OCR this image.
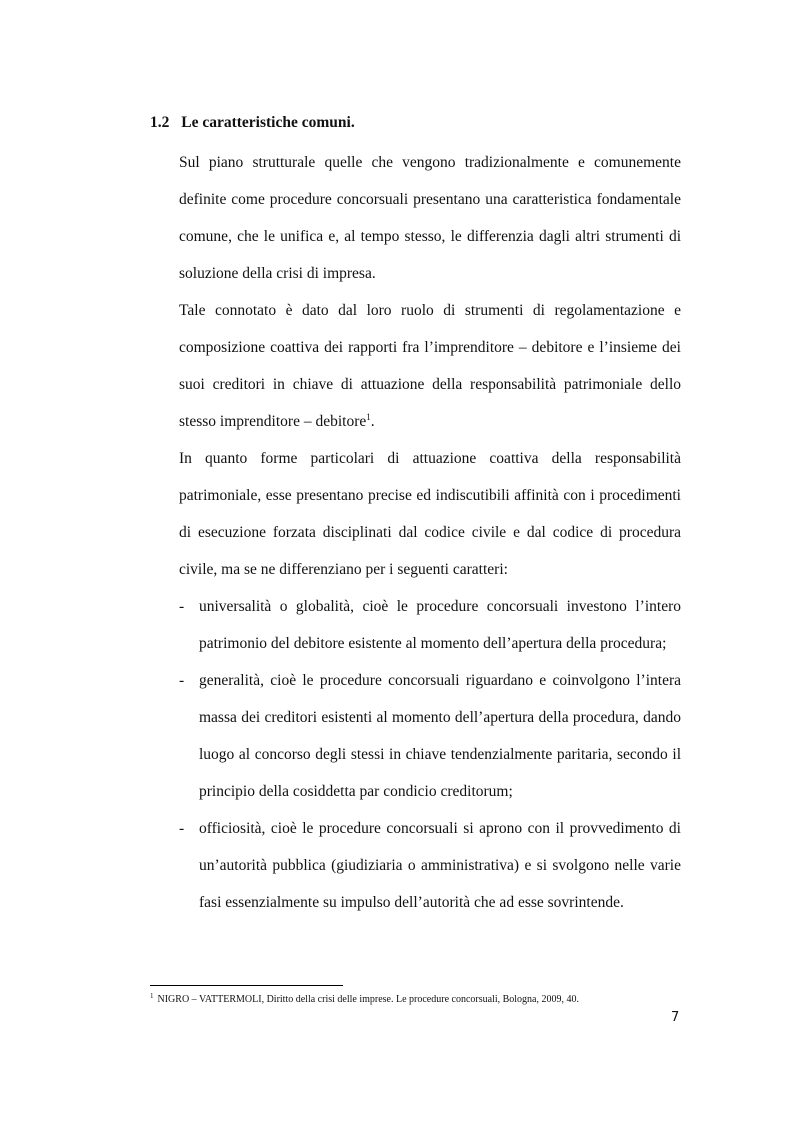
1.2 Le caratteristiche comuni.
Sul piano strutturale quelle che vengono tradizionalmente e comunemente definite come procedure concorsuali presentano una caratteristica fondamentale comune, che le unifica e, al tempo stesso, le differenzia dagli altri strumenti di soluzione della crisi di impresa.
Tale connotato è dato dal loro ruolo di strumenti di regolamentazione e composizione coattiva dei rapporti fra l’imprenditore – debitore e l’insieme dei suoi creditori in chiave di attuazione della responsabilità patrimoniale dello stesso imprenditore – debitore$^1$.
In quanto forme particolari di attuazione coattiva della responsabilità patrimoniale, esse presentano precise ed indiscutibili affinità con i procedimenti di esecuzione forzata disciplinati dal codice civile e dal codice di procedura civile, ma se ne differenziano per i seguenti caratteri:
- universalità o globalità, cioè le procedure concorsuali investono l’intero patrimonio del debitore esistente al momento dell’apertura della procedura;
- generalità, cioè le procedure concorsuali riguardano e coinvolgono l’intera massa dei creditori esistenti al momento dell’apertura della procedura, dando luogo al concorso degli stessi in chiave tendenzialmente paritaria, secondo il principio della cosiddetta par condicio creditorum;
- officiosità, cioè le procedure concorsuali si aprono con il provvedimento di un’autorità pubblica (giudiziaria o amministrativa) e si svolgono nelle varie fasi essenzialmente su impulso dell’autorità che ad esse sovrintende.
$^1$ NIGRO – VATTERMOLI, Diritto della crisi delle imprese. Le procedure concorsuali, Bologna, 2009, 40.
7
